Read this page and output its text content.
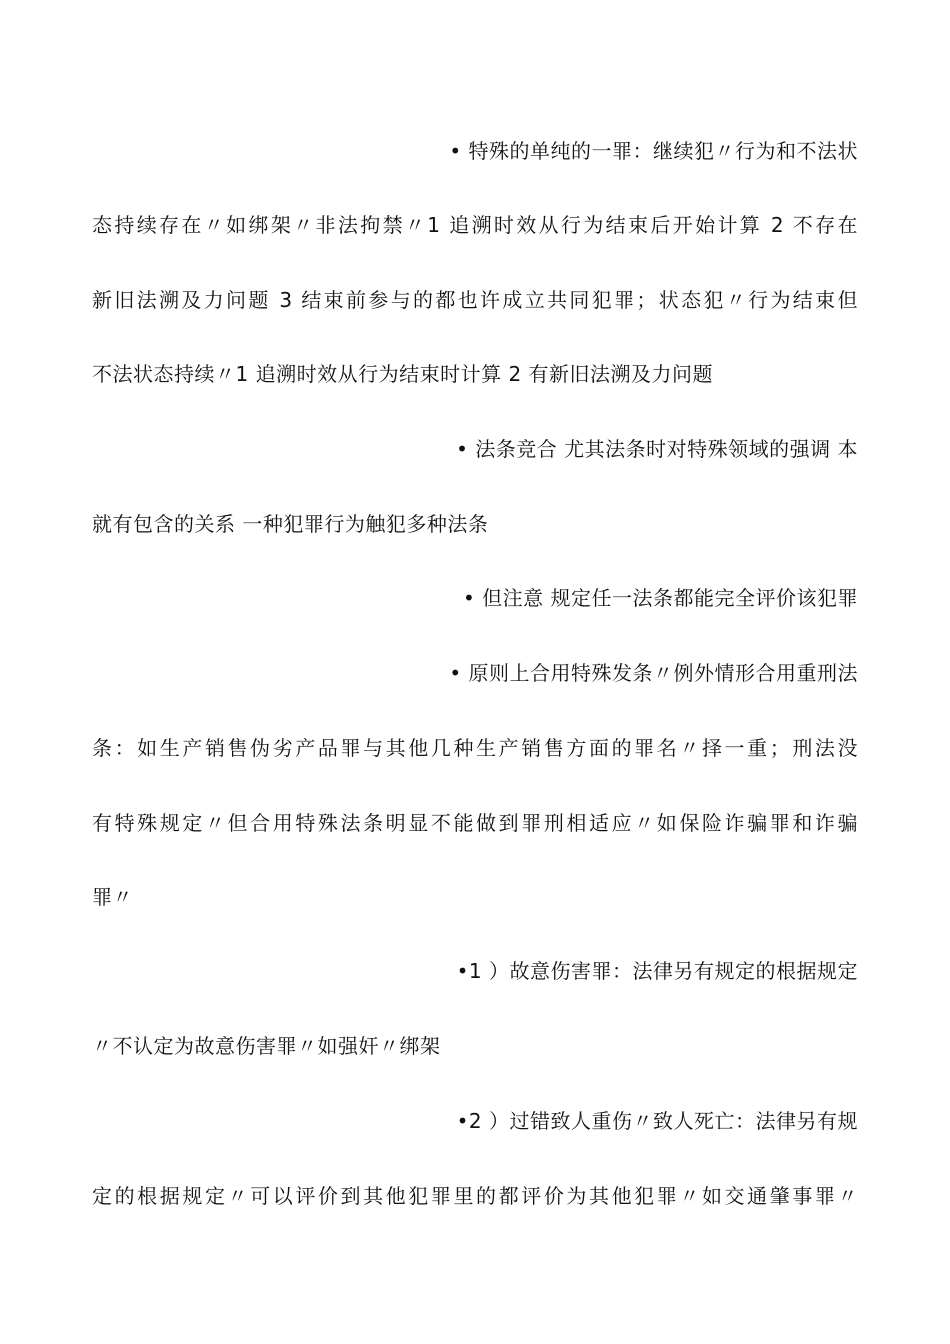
• 特殊的单纯的一罪：继续犯〃行为和不法状
态持续存在〃如绑架〃非法拘禁〃1 追溯时效从行为结束后开始计算 2 不存在
新旧法溯及力问题 3 结束前参与的都也许成立共同犯罪；状态犯〃行为结束但
不法状态持续〃1 追溯时效从行为结束时计算 2 有新旧法溯及力问题
• 法条竞合 尤其法条时对特殊领域的强调 本
就有包含的关系 一种犯罪行为触犯多种法条
• 但注意 规定任一法条都能完全评价该犯罪
• 原则上合用特殊发条〃例外情形合用重刑法
条：如生产销售伪劣产品罪与其他几种生产销售方面的罪名〃择一重；刑法没
有特殊规定〃但合用特殊法条明显不能做到罪刑相适应〃如保险诈骗罪和诈骗
罪〃
•1 ）故意伤害罪：法律另有规定的根据规定
〃不认定为故意伤害罪〃如强奸〃绑架
•2 ）过错致人重伤〃致人死亡：法律另有规
定的根据规定〃可以评价到其他犯罪里的都评价为其他犯罪〃如交通肇事罪〃
